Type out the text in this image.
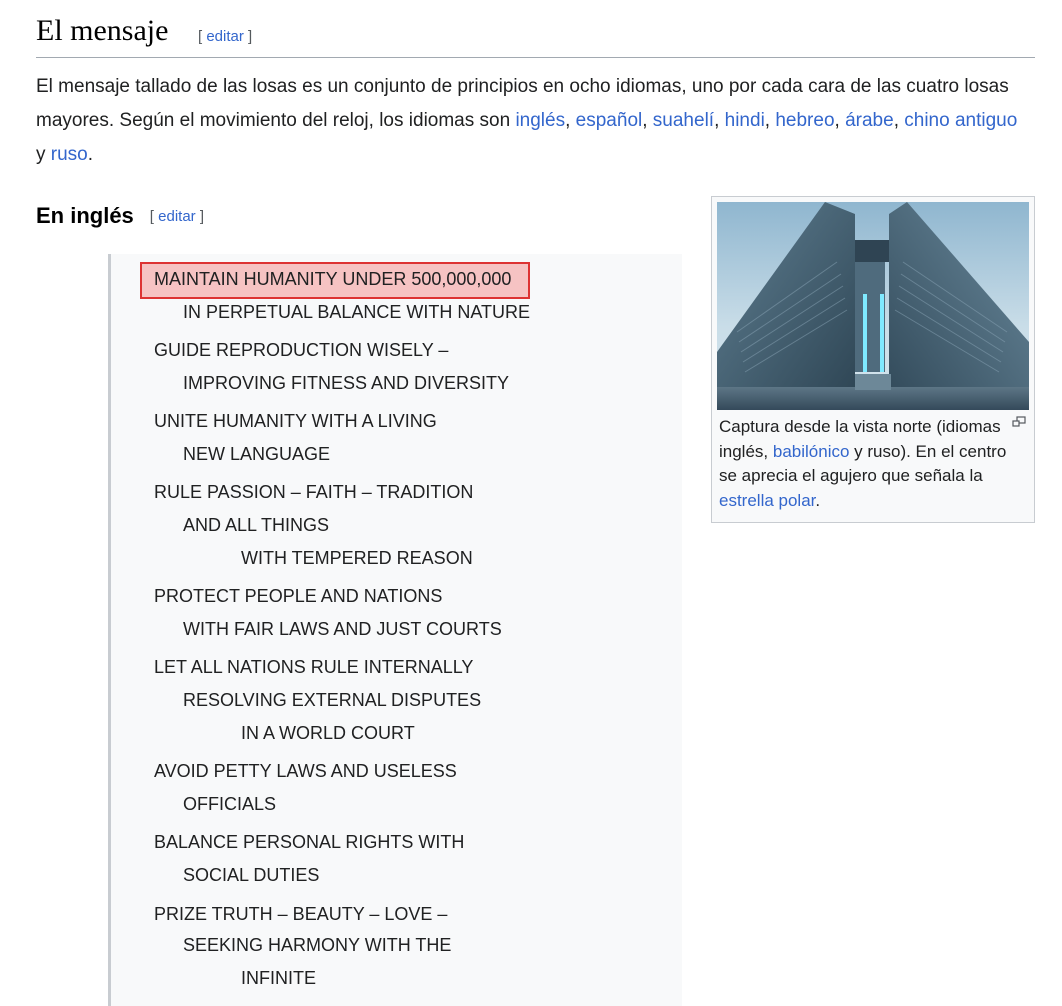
El mensaje [ editar ]
El mensaje tallado de las losas es un conjunto de principios en ocho idiomas, uno por cada cara de las cuatro losas mayores. Según el movimiento del reloj, los idiomas son inglés, español, suahelí, hindi, hebreo, árabe, chino antiguo y ruso.
En inglés [ editar ]
MAINTAIN HUMANITY UNDER 500,000,000
IN PERPETUAL BALANCE WITH NATURE
GUIDE REPRODUCTION WISELY –
IMPROVING FITNESS AND DIVERSITY
UNITE HUMANITY WITH A LIVING
NEW LANGUAGE
RULE PASSION – FAITH – TRADITION
AND ALL THINGS
WITH TEMPERED REASON
PROTECT PEOPLE AND NATIONS
WITH FAIR LAWS AND JUST COURTS
LET ALL NATIONS RULE INTERNALLY
RESOLVING EXTERNAL DISPUTES
IN A WORLD COURT
AVOID PETTY LAWS AND USELESS
OFFICIALS
BALANCE PERSONAL RIGHTS WITH
SOCIAL DUTIES
PRIZE TRUTH – BEAUTY – LOVE –
SEEKING HARMONY WITH THE
INFINITE
Captura desde la vista norte (idiomas inglés, babilónico y ruso). En el centro se aprecia el agujero que señala la estrella polar.
